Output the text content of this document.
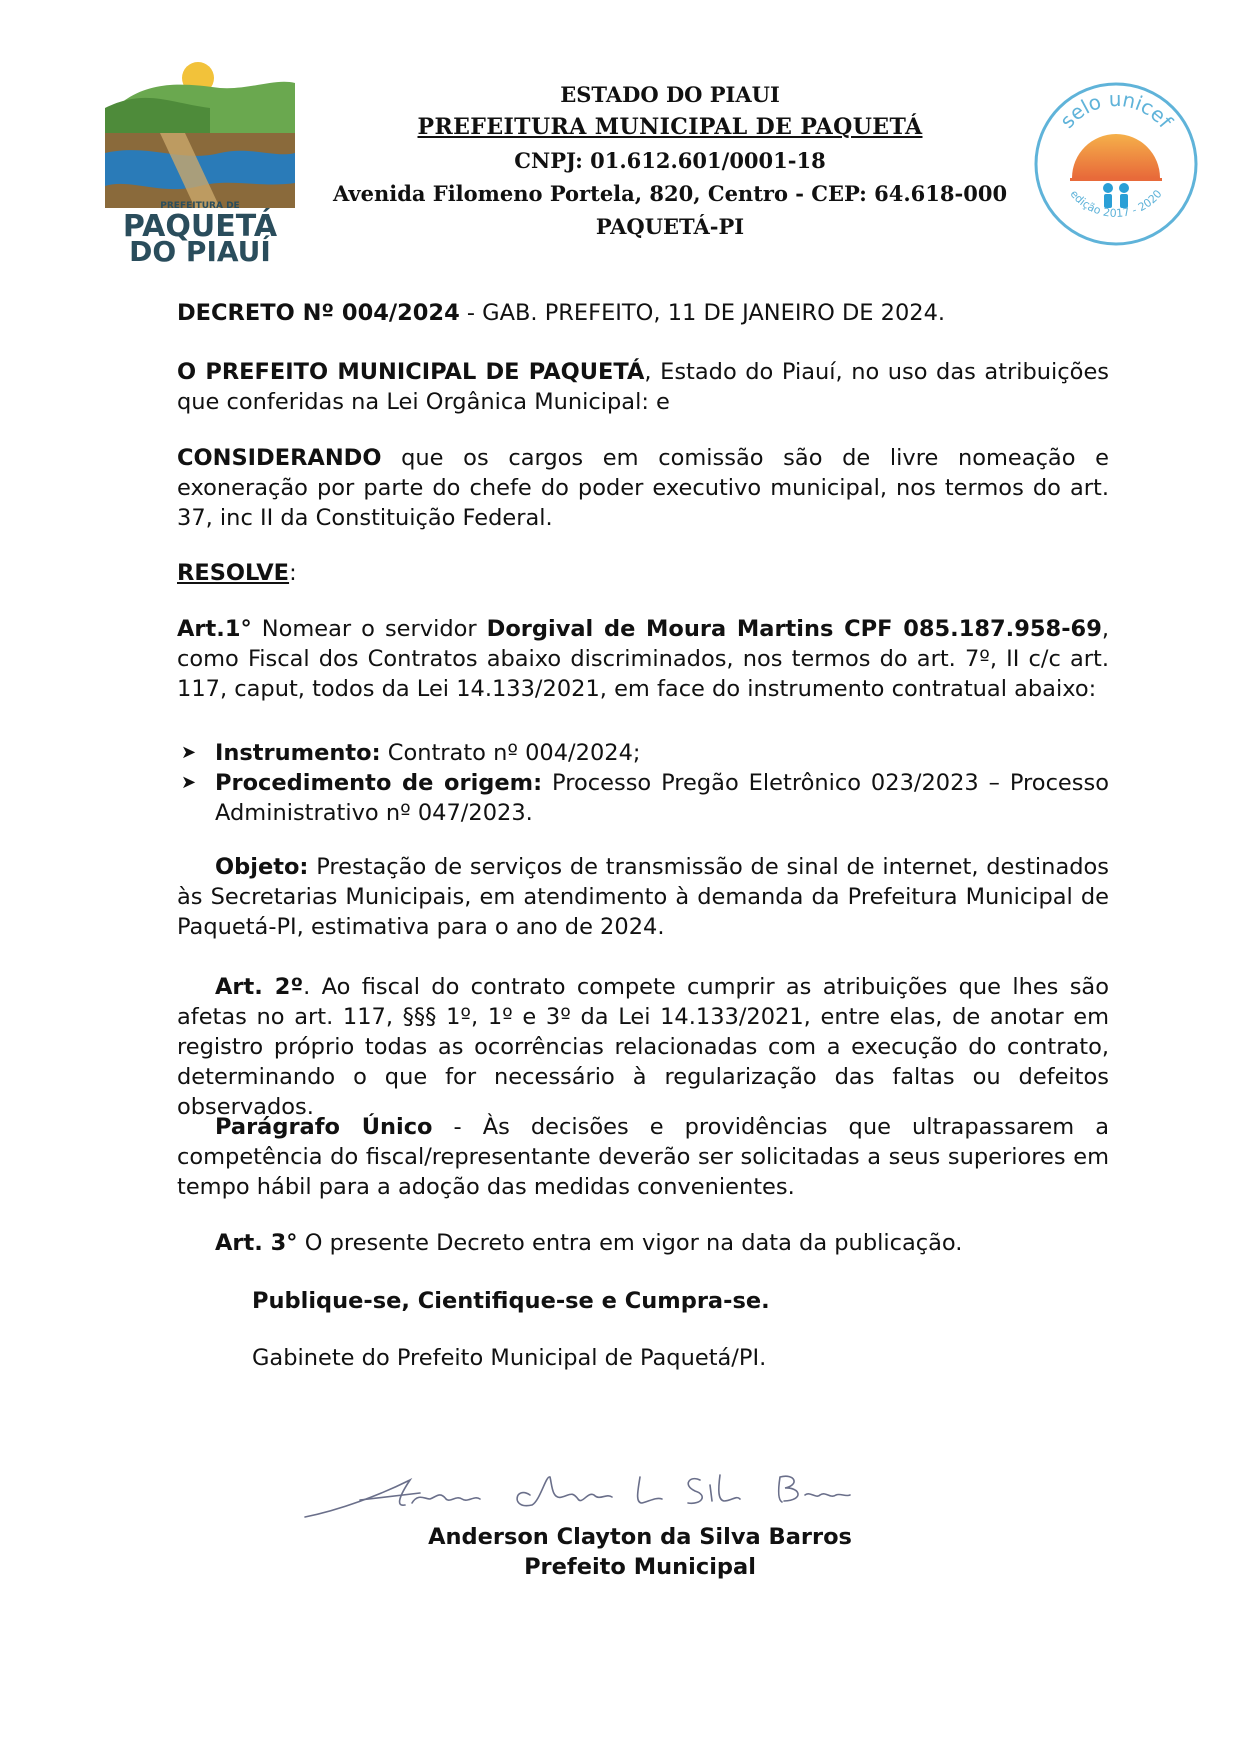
PREFEITURA DE
PAQUETÁ
DO PIAUÍ
ESTADO DO PIAUI
PREFEITURA MUNICIPAL DE PAQUETÁ
CNPJ: 01.612.601/0001-18
Avenida Filomeno Portela, 820, Centro - CEP: 64.618-000
PAQUETÁ-PI
selo unicef
edição 2017 - 2020
DECRETO Nº 004/2024 - GAB. PREFEITO, 11 DE JANEIRO DE 2024.
O PREFEITO MUNICIPAL DE PAQUETÁ, Estado do Piauí, no uso das atribuições que conferidas na Lei Orgânica Municipal: e
CONSIDERANDO que os cargos em comissão são de livre nomeação e exoneração por parte do chefe do poder executivo municipal, nos termos do art. 37, inc II da Constituição Federal.
RESOLVE:
Art.1° Nomear o servidor Dorgival de Moura Martins CPF 085.187.958-69, como Fiscal dos Contratos abaixo discriminados, nos termos do art. 7º, II c/c art. 117, caput, todos da Lei 14.133/2021, em face do instrumento contratual abaixo:
➤ Instrumento: Contrato nº 004/2024;
➤ Procedimento de origem: Processo Pregão Eletrônico 023/2023 – Processo Administrativo nº 047/2023.
Objeto: Prestação de serviços de transmissão de sinal de internet, destinados às Secretarias Municipais, em atendimento à demanda da Prefeitura Municipal de Paquetá-PI, estimativa para o ano de 2024.
Art. 2º. Ao fiscal do contrato compete cumprir as atribuições que lhes são afetas no art. 117, §§§ 1º, 1º e 3º da Lei 14.133/2021, entre elas, de anotar em registro próprio todas as ocorrências relacionadas com a execução do contrato, determinando o que for necessário à regularização das faltas ou defeitos observados.
Parágrafo Único - Às decisões e providências que ultrapassarem a competência do fiscal/representante deverão ser solicitadas a seus superiores em tempo hábil para a adoção das medidas convenientes.
Art. 3° O presente Decreto entra em vigor na data da publicação.
Publique-se, Cientifique-se e Cumpra-se.
Gabinete do Prefeito Municipal de Paquetá/PI.
Anderson Clayton da Silva Barros
Prefeito Municipal
